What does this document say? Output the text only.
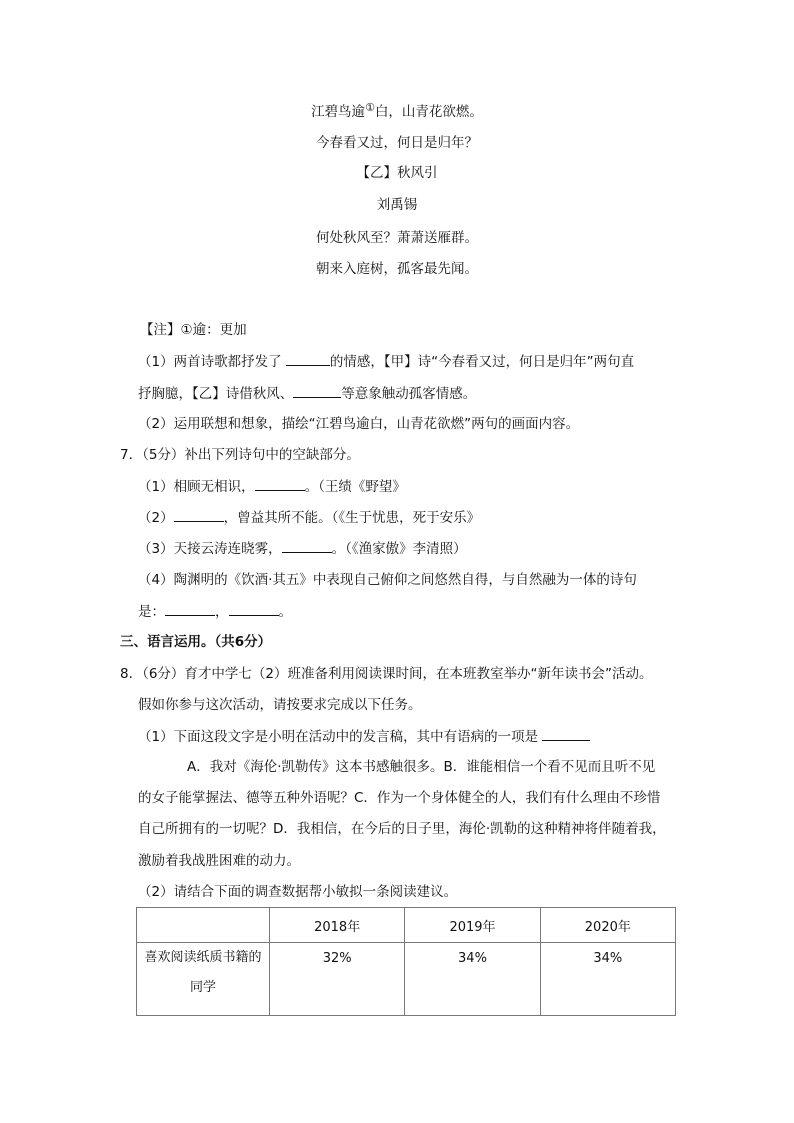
江碧鸟逾①白，山青花欲燃。
今春看又过，何日是归年？
【乙】秋风引
刘禹锡
何处秋风至？萧萧送雁群。
朝来入庭树，孤客最先闻。
【注】①逾：更加
（1）两首诗歌都抒发了	的情感，【甲】诗“今春看又过，何日是归年”两句直
抒胸臆，【乙】诗借秋风、	等意象触动孤客情感。
（2）运用联想和想象，描绘“江碧鸟逾白，山青花欲燃”两句的画面内容。
7．（5分）补出下列诗句中的空缺部分。
（1）相顾无相识，	。（王绩《野望》
（2）	，曾益其所不能。（《生于忧患，死于安乐》
（3）天接云涛连晓雾，	。（《渔家傲》李清照）
（4）陶渊明的《饮酒·其五》中表现自己俯仰之间悠然自得，与自然融为一体的诗句
是：	，	。
三、语言运用。（共6分）
8．（6分）育才中学七（2）班准备利用阅读课时间，在本班教室举办“新年读书会”活动。
假如你参与这次活动，请按要求完成以下任务。
（1）下面这段文字是小明在活动中的发言稿，其中有语病的一项是
A．我对《海伦·凯勒传》这本书感触很多。B．谁能相信一个看不见而且听不见
的女子能掌握法、德等五种外语呢？C．作为一个身体健全的人，我们有什么理由不珍惜
自己所拥有的一切呢？D．我相信，在今后的日子里，海伦·凯勒的这种精神将伴随着我，
激励着我战胜困难的动力。
（2）请结合下面的调查数据帮小敏拟一条阅读建议。
	2018年	2019年	2020年

喜欢阅读纸质书籍的
同学	32%	34%	34%
